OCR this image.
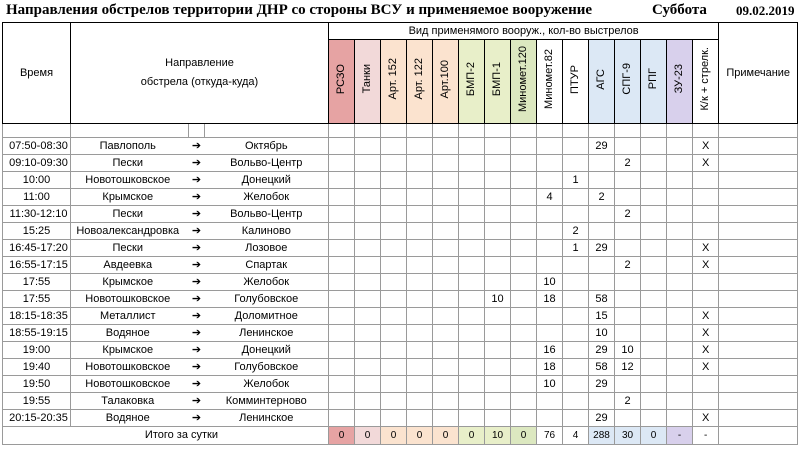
Направления обстрелов территории ДНР со стороны ВСУ и применяемое вооружение	Суббота 09.02.2019
Время	Направление
обстрела (откуда-куда)			Вид применямого вооруж., кол-во выстрелов															Примечание
				РСЗО	Танки	Арт. 152	Арт. 122	Арт.100	БМП-2	БМП-1	Миномет.120	Миномет.82	ПТУР	АГС	СПГ-9	РПГ	ЗУ-23	К/к + стрелк.	

07:50-08:30	Павлополь	➔	Октябрь											29				Х	
09:10-09:30	Пески	➔	Вольво-Центр												2			Х	
10:00	Новотошковское	➔	Донецкий										1						
11:00	Крымское	➔	Желобок									4		2					
11:30-12:10	Пески	➔	Вольво-Центр												2				
15:25	Новоалександровка	➔	Калиново										2						
16:45-17:20	Пески	➔	Лозовое										1	29				Х	
16:55-17:15	Авдеевка	➔	Спартак												2			Х	
17:55	Крымское	➔	Желобок									10							
17:55	Новотошковское	➔	Голубовское							10		18		58					
18:15-18:35	Металлист	➔	Доломитное											15				Х	
18:55-19:15	Водяное	➔	Ленинское											10				Х	
19:00	Крымское	➔	Донецкий									16		29	10			Х	
19:40	Новотошковское	➔	Голубовское									18		58	12			Х	
19:50	Новотошковское	➔	Желобок									10		29					
19:55	Талаковка	➔	Комминтерново												2				
20:15-20:35	Водяное	➔	Ленинское											29				Х	
Итого за сутки				0	0	0	0	0	0	10	0	76	4	288	30	0	-	-	
